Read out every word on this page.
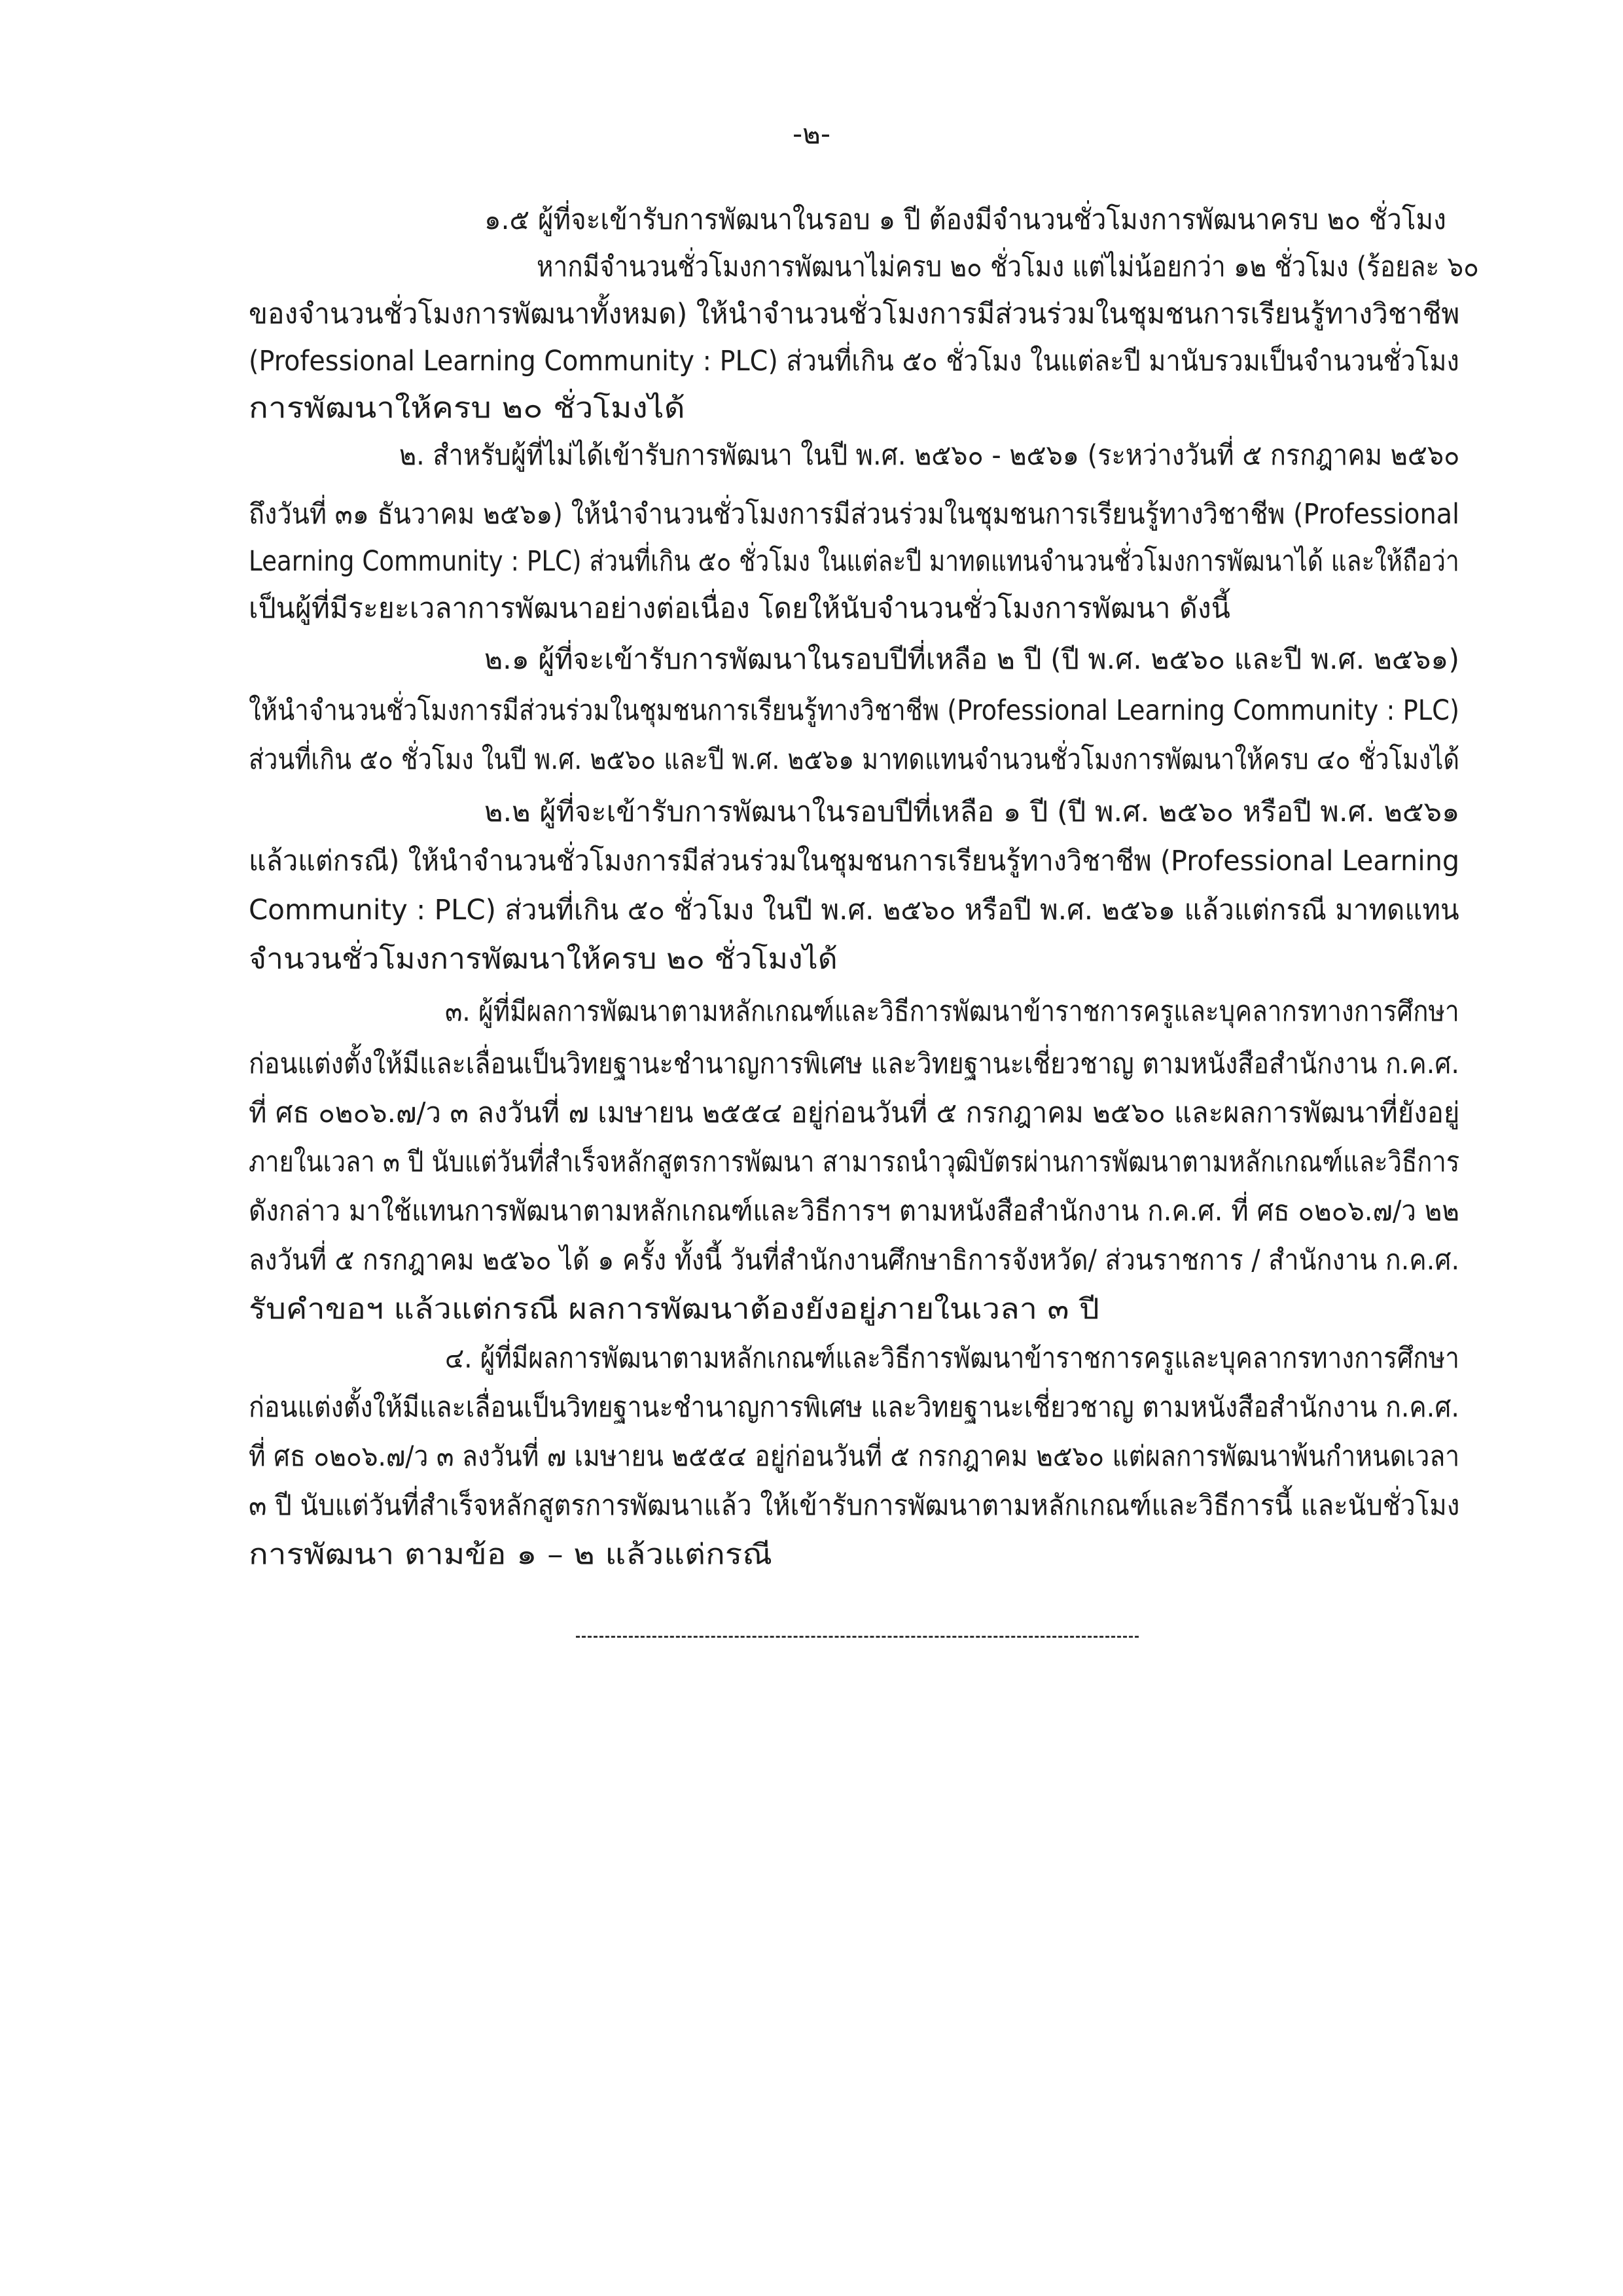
-๒-
๑.๕ ผู้ที่จะเข้ารับการพัฒนาในรอบ ๑ ปี ต้องมีจำนวนชั่วโมงการพัฒนาครบ ๒๐ ชั่วโมง
หากมีจำนวนชั่วโมงการพัฒนาไม่ครบ ๒๐ ชั่วโมง แต่ไม่น้อยกว่า ๑๒ ชั่วโมง (ร้อยละ ๖๐
ของจำนวนชั่วโมงการพัฒนาทั้งหมด) ให้นำจำนวนชั่วโมงการมีส่วนร่วมในชุมชนการเรียนรู้ทางวิชาชีพ
(Professional Learning Community : PLC) ส่วนที่เกิน ๕๐ ชั่วโมง ในแต่ละปี มานับรวมเป็นจำนวนชั่วโมง
การพัฒนาให้ครบ ๒๐ ชั่วโมงได้
๒. สำหรับผู้ที่ไม่ได้เข้ารับการพัฒนา ในปี พ.ศ. ๒๕๖๐ - ๒๕๖๑ (ระหว่างวันที่ ๕ กรกฎาคม ๒๕๖๐
ถึงวันที่ ๓๑ ธันวาคม ๒๕๖๑) ให้นำจำนวนชั่วโมงการมีส่วนร่วมในชุมชนการเรียนรู้ทางวิชาชีพ (Professional
Learning Community : PLC) ส่วนที่เกิน ๕๐ ชั่วโมง ในแต่ละปี มาทดแทนจำนวนชั่วโมงการพัฒนาได้ และให้ถือว่า
เป็นผู้ที่มีระยะเวลาการพัฒนาอย่างต่อเนื่อง โดยให้นับจำนวนชั่วโมงการพัฒนา ดังนี้
๒.๑ ผู้ที่จะเข้ารับการพัฒนาในรอบปีที่เหลือ ๒ ปี (ปี พ.ศ. ๒๕๖๐ และปี พ.ศ. ๒๕๖๑)
ให้นำจำนวนชั่วโมงการมีส่วนร่วมในชุมชนการเรียนรู้ทางวิชาชีพ (Professional Learning Community : PLC)
ส่วนที่เกิน ๕๐ ชั่วโมง ในปี พ.ศ. ๒๕๖๐ และปี พ.ศ. ๒๕๖๑ มาทดแทนจำนวนชั่วโมงการพัฒนาให้ครบ ๔๐ ชั่วโมงได้
๒.๒ ผู้ที่จะเข้ารับการพัฒนาในรอบปีที่เหลือ ๑ ปี (ปี พ.ศ. ๒๕๖๐ หรือปี พ.ศ. ๒๕๖๑
แล้วแต่กรณี) ให้นำจำนวนชั่วโมงการมีส่วนร่วมในชุมชนการเรียนรู้ทางวิชาชีพ (Professional Learning
Community : PLC) ส่วนที่เกิน ๕๐ ชั่วโมง ในปี พ.ศ. ๒๕๖๐ หรือปี พ.ศ. ๒๕๖๑ แล้วแต่กรณี มาทดแทน
จำนวนชั่วโมงการพัฒนาให้ครบ ๒๐ ชั่วโมงได้
๓. ผู้ที่มีผลการพัฒนาตามหลักเกณฑ์และวิธีการพัฒนาข้าราชการครูและบุคลากรทางการศึกษา
ก่อนแต่งตั้งให้มีและเลื่อนเป็นวิทยฐานะชำนาญการพิเศษ และวิทยฐานะเชี่ยวชาญ ตามหนังสือสำนักงาน ก.ค.ศ.
ที่ ศธ ๐๒๐๖.๗/ว ๓ ลงวันที่ ๗ เมษายน ๒๕๕๔ อยู่ก่อนวันที่ ๕ กรกฎาคม ๒๕๖๐ และผลการพัฒนาที่ยังอยู่
ภายในเวลา ๓ ปี นับแต่วันที่สำเร็จหลักสูตรการพัฒนา สามารถนำวุฒิบัตรผ่านการพัฒนาตามหลักเกณฑ์และวิธีการ
ดังกล่าว มาใช้แทนการพัฒนาตามหลักเกณฑ์และวิธีการฯ ตามหนังสือสำนักงาน ก.ค.ศ. ที่ ศธ ๐๒๐๖.๗/ว ๒๒
ลงวันที่ ๕ กรกฎาคม ๒๕๖๐ ได้ ๑ ครั้ง ทั้งนี้ วันที่สำนักงานศึกษาธิการจังหวัด/ ส่วนราชการ / สำนักงาน ก.ค.ศ.
รับคำขอฯ แล้วแต่กรณี ผลการพัฒนาต้องยังอยู่ภายในเวลา ๓ ปี
๔. ผู้ที่มีผลการพัฒนาตามหลักเกณฑ์และวิธีการพัฒนาข้าราชการครูและบุคลากรทางการศึกษา
ก่อนแต่งตั้งให้มีและเลื่อนเป็นวิทยฐานะชำนาญการพิเศษ และวิทยฐานะเชี่ยวชาญ ตามหนังสือสำนักงาน ก.ค.ศ.
ที่ ศธ ๐๒๐๖.๗/ว ๓ ลงวันที่ ๗ เมษายน ๒๕๕๔ อยู่ก่อนวันที่ ๕ กรกฎาคม ๒๕๖๐ แต่ผลการพัฒนาพ้นกำหนดเวลา
๓ ปี นับแต่วันที่สำเร็จหลักสูตรการพัฒนาแล้ว ให้เข้ารับการพัฒนาตามหลักเกณฑ์และวิธีการนี้ และนับชั่วโมง
การพัฒนา ตามข้อ ๑ – ๒ แล้วแต่กรณี
